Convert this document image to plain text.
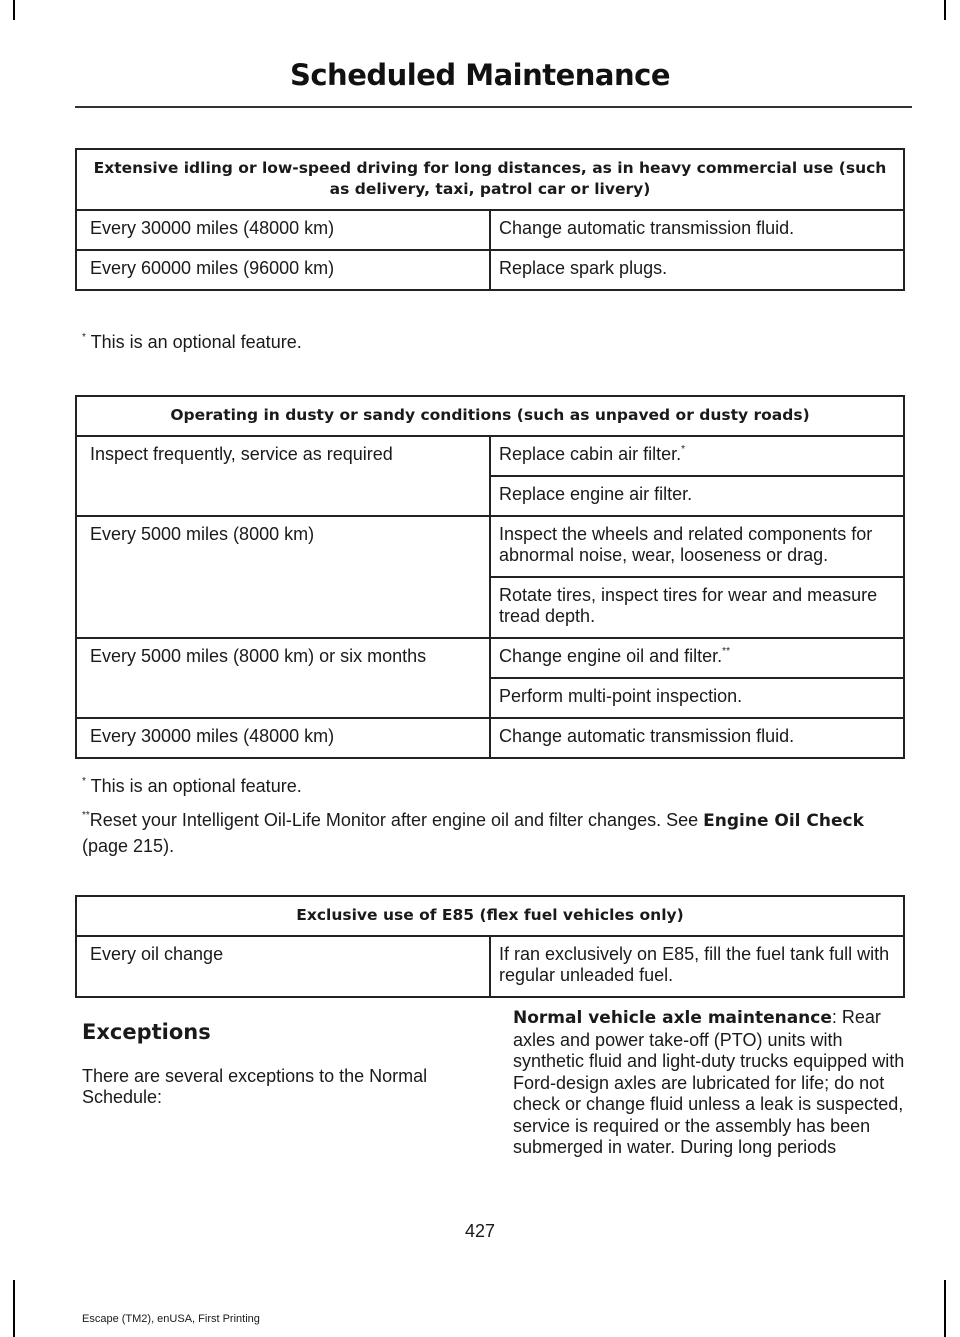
Scheduled Maintenance
Extensive idling or low-speed driving for long distances, as in heavy commercial use (such as delivery, taxi, patrol car or livery)	
Every 30000 miles (48000 km)	Change automatic transmission fluid.
Every 60000 miles (96000 km)	Replace spark plugs.
* This is an optional feature.
Operating in dusty or sandy conditions (such as unpaved or dusty roads)	
Inspect frequently, service as required	Replace cabin air filter.*
	Replace engine air filter.
Every 5000 miles (8000 km)	Inspect the wheels and related components for abnormal noise, wear, looseness or drag.
	Rotate tires, inspect tires for wear and measure tread depth.
Every 5000 miles (8000 km) or six months	Change engine oil and filter.**
	Perform multi-point inspection.
Every 30000 miles (48000 km)	Change automatic transmission fluid.
* This is an optional feature.
**Reset your Intelligent Oil-Life Monitor after engine oil and filter changes. See Engine Oil Check (page 215).
Exclusive use of E85 (flex fuel vehicles only)
Every oil change	If ran exclusively on E85, fill the fuel tank full with regular unleaded fuel.
Exceptions

There are several exceptions to the Normal Schedule:

Normal vehicle axle maintenance: Rear axles and power take-off (PTO) units with synthetic fluid and light-duty trucks equipped with Ford-design axles are lubricated for life; do not check or change fluid unless a leak is suspected, service is required or the assembly has been submerged in water. During long periods
427
Escape (TM2), enUSA, First Printing
